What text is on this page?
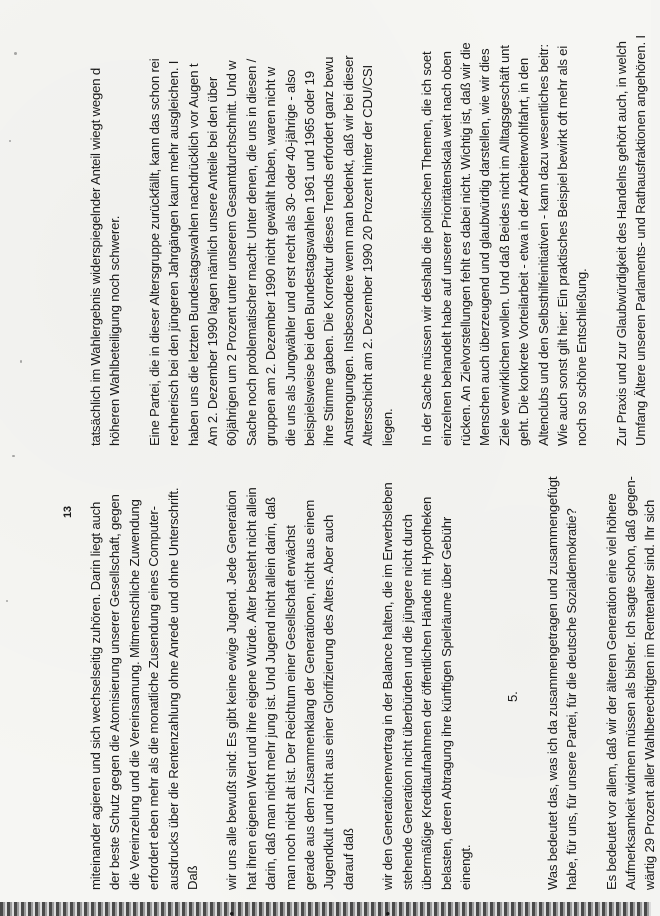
13 miteinander agieren und sich wechselseitig zuhören. Darin liegt auch der beste Schutz gegen die Atomisierung unserer Gesellschaft, gegen die Vereinzelung und die Vereinsamung. Mitmenschliche Zuwendung erfordert eben mehr als die monatliche Zusendung eines Computer- ausdrucks über die Rentenzahlung ohne Anrede und ohne Unterschrift. Daß

•

wir uns alle bewußt sind: Es gibt keine ewige Jugend. Jede Generation hat ihren eigenen Wert und ihre eigene Würde. Alter besteht nicht allein darin, daß man nicht mehr jung ist. Und Jugend nicht allein darin, daß man noch nicht alt ist. Der Reichtum einer Gesellschaft erwächst gerade aus dem Zusammenklang der Generationen, nicht aus einem Jugendkult und nicht aus einer Glorifizierung des Alters. Aber auch darauf daß

•

wir den Generationenvertrag in der Balance halten, die im Erwerbsleben stehende Generation nicht überbürden und die jüngere nicht durch übermäßige Kreditaufnahmen der öffentlichen Hände mit Hypotheken belasten, deren Abtragung ihre künftigen Spielräume über Gebühr einengt.

5. Was bedeutet das, was ich da zusammengetragen und zusammengefügt habe, für uns, für unsere Partei, für die deutsche Sozialdemokratie? Es bedeutet vor allem, daß wir der älteren Generation eine viel höhere Aufmerksamkeit widmen müssen als bisher. Ich sagte schon, daß gegen- wärtig 29 Prozent aller Wahlberechtigten im Rentenalter sind. Ihr sich

tatsächlich im Wahlergebnis widerspiegelnder Anteil wiegt wegen d höheren Wahlbeteiligung noch schwerer. Eine Partei, die in dieser Altersgruppe zurückfällt, kann das schon rei rechnerisch bei den jüngeren Jahrgängen kaum mehr ausgleichen. I haben uns die letzten Bundestagswahlen nachdrücklich vor Augen t Am 2. Dezember 1990 lagen nämlich unsere Anteile bei den über 60jährigen um 2 Prozent unter unserem Gesamtdurchschnitt. Und w Sache noch problematischer macht: Unter denen, die uns in diesen / gruppen am 2. Dezember 1990 nicht gewählt haben, waren nicht w die uns als Jungwähler und erst recht als 30- oder 40-jährige - also beispielsweise bei den Bundestagswahlen 1961 und 1965 oder 19 ihre Stimme gaben. Die Korrektur dieses Trends erfordert ganz bewu Anstrengungen. Insbesondere wenn man bedenkt, daß wir bei dieser Altersschicht am 2. Dezember 1990 20 Prozent hinter der CDU/CSI liegen. In der Sache müssen wir deshalb die politischen Themen, die ich soet einzelnen behandelt habe auf unserer Prioritätenskala weit nach oben rücken. An Zielvorstellungen fehlt es dabei nicht. Wichtig ist, daß wir die Menschen auch überzeugend und glaubwürdig darstellen, wie wir dies Ziele verwirklichen wollen. Und daß Beides nicht im Alltagsgeschäft unt geht. Die konkrete Vorteilarbeit - etwa in der Arbeiterwohlfahrt, in den Altenclubs und den Selbsthilfeinitiativen - kann dazu wesentliches beitr: Wie auch sonst gilt hier: Ein praktisches Beispiel bewirkt oft mehr als ei noch so schöne Entschließung. Zur Praxis und zur Glaubwürdigkeit des Handelns gehört auch, in welch Umfang Ältere unseren Parlaments- und Rathausfraktionen angehören. I
